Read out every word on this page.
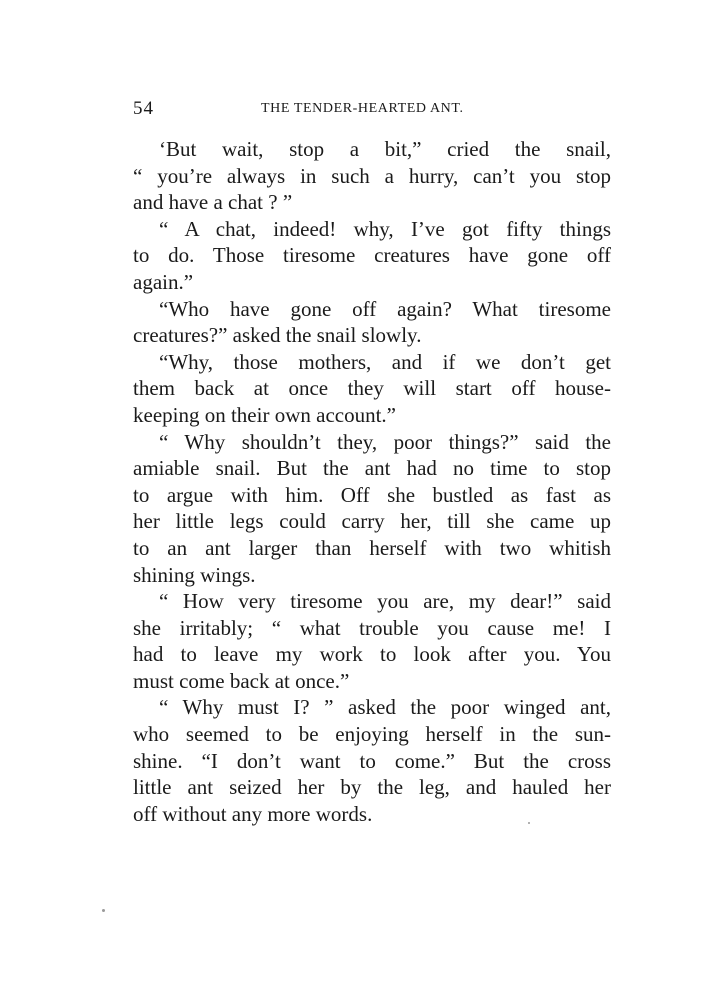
54	THE TENDER-HEARTED ANT.
‘But wait, stop a bit,” cried the snail,
“ you’re always in such a hurry, can’t you stop
and have a chat ? ”
“ A chat, indeed! why, I’ve got fifty things
to do. Those tiresome creatures have gone off
again.”
“Who have gone off again? What tiresome
creatures?” asked the snail slowly.
“Why, those mothers, and if we don’t get
them back at once they will start off house-
keeping on their own account.”
“ Why shouldn’t they, poor things?” said the
amiable snail. But the ant had no time to stop
to argue with him. Off she bustled as fast as
her little legs could carry her, till she came up
to an ant larger than herself with two whitish
shining wings.
“ How very tiresome you are, my dear!” said
she irritably; “ what trouble you cause me! I
had to leave my work to look after you. You
must come back at once.”
“ Why must I? ” asked the poor winged ant,
who seemed to be enjoying herself in the sun-
shine. “I don’t want to come.” But the cross
little ant seized her by the leg, and hauled her
off without any more words.
